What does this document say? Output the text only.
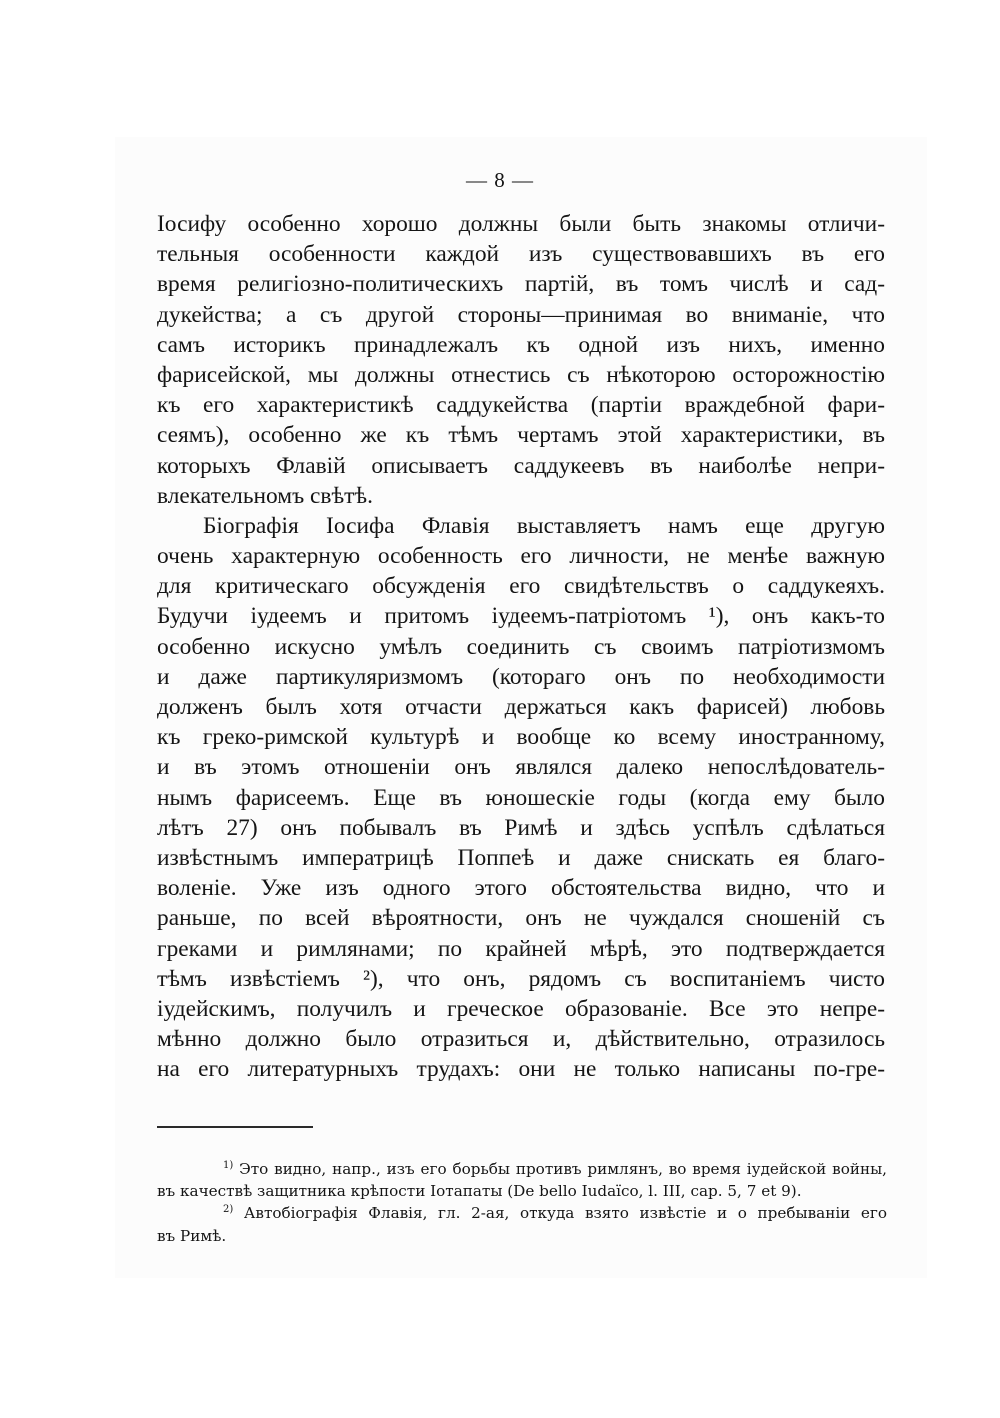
— 8 —
Іосифу особенно хорошо должны были быть знакомы отличи-
тельныя особенности каждой изъ существовавшихъ въ его
время религіозно-политическихъ партій, въ томъ числѣ и сад-
дукейства; а съ другой стороны—принимая во вниманіе, что
самъ историкъ принадлежалъ къ одной изъ нихъ, именно
фарисейской, мы должны отнестись съ нѣкоторою осторожностію
къ его характеристикѣ саддукейства (партіи враждебной фари-
сеямъ), особенно же къ тѣмъ чертамъ этой характеристики, въ
которыхъ Флавій описываетъ саддукеевъ въ наиболѣе непри-
влекательномъ свѣтѣ.
Біографія Іосифа Флавія выставляетъ намъ еще другую
очень характерную особенность его личности, не менѣе важную
для критическаго обсужденія его свидѣтельствъ о саддукеяхъ.
Будучи іудеемъ и притомъ іудеемъ-патріотомъ ¹), онъ какъ-то
особенно искусно умѣлъ соединить съ своимъ патріотизмомъ
и даже партикуляризмомъ (котораго онъ по необходимости
долженъ былъ хотя отчасти держаться какъ фарисей) любовь
къ греко-римской культурѣ и вообще ко всему иностранному,
и въ этомъ отношеніи онъ являлся далеко непослѣдователь-
нымъ фарисеемъ. Еще въ юношескіе годы (когда ему было
лѣтъ 27) онъ побывалъ въ Римѣ и здѣсь успѣлъ сдѣлаться
извѣстнымъ императрицѣ Поппеѣ и даже снискать ея благо-
воленіе. Уже изъ одного этого обстоятельства видно, что и
раньше, по всей вѣроятности, онъ не чуждался сношеній съ
греками и римлянами; по крайней мѣрѣ, это подтверждается
тѣмъ извѣстіемъ ²), что онъ, рядомъ съ воспитаніемъ чисто
іудейскимъ, получилъ и греческое образованіе. Все это непре-
мѣнно должно было отразиться и, дѣйствительно, отразилось
на его литературныхъ трудахъ: они не только написаны по-гре-
$^{1)}$ Это видно, напр., изъ его борьбы противъ римлянъ, во время іудейской войны,
въ качествѣ защитника крѣпости Іотапаты (De bello Iudaïco, l. III, cap. 5, 7 et 9).
$^{2)}$ Автобіографія Флавія, гл. 2-ая, откуда взято извѣстіе и о пребываніи его
въ Римѣ.
